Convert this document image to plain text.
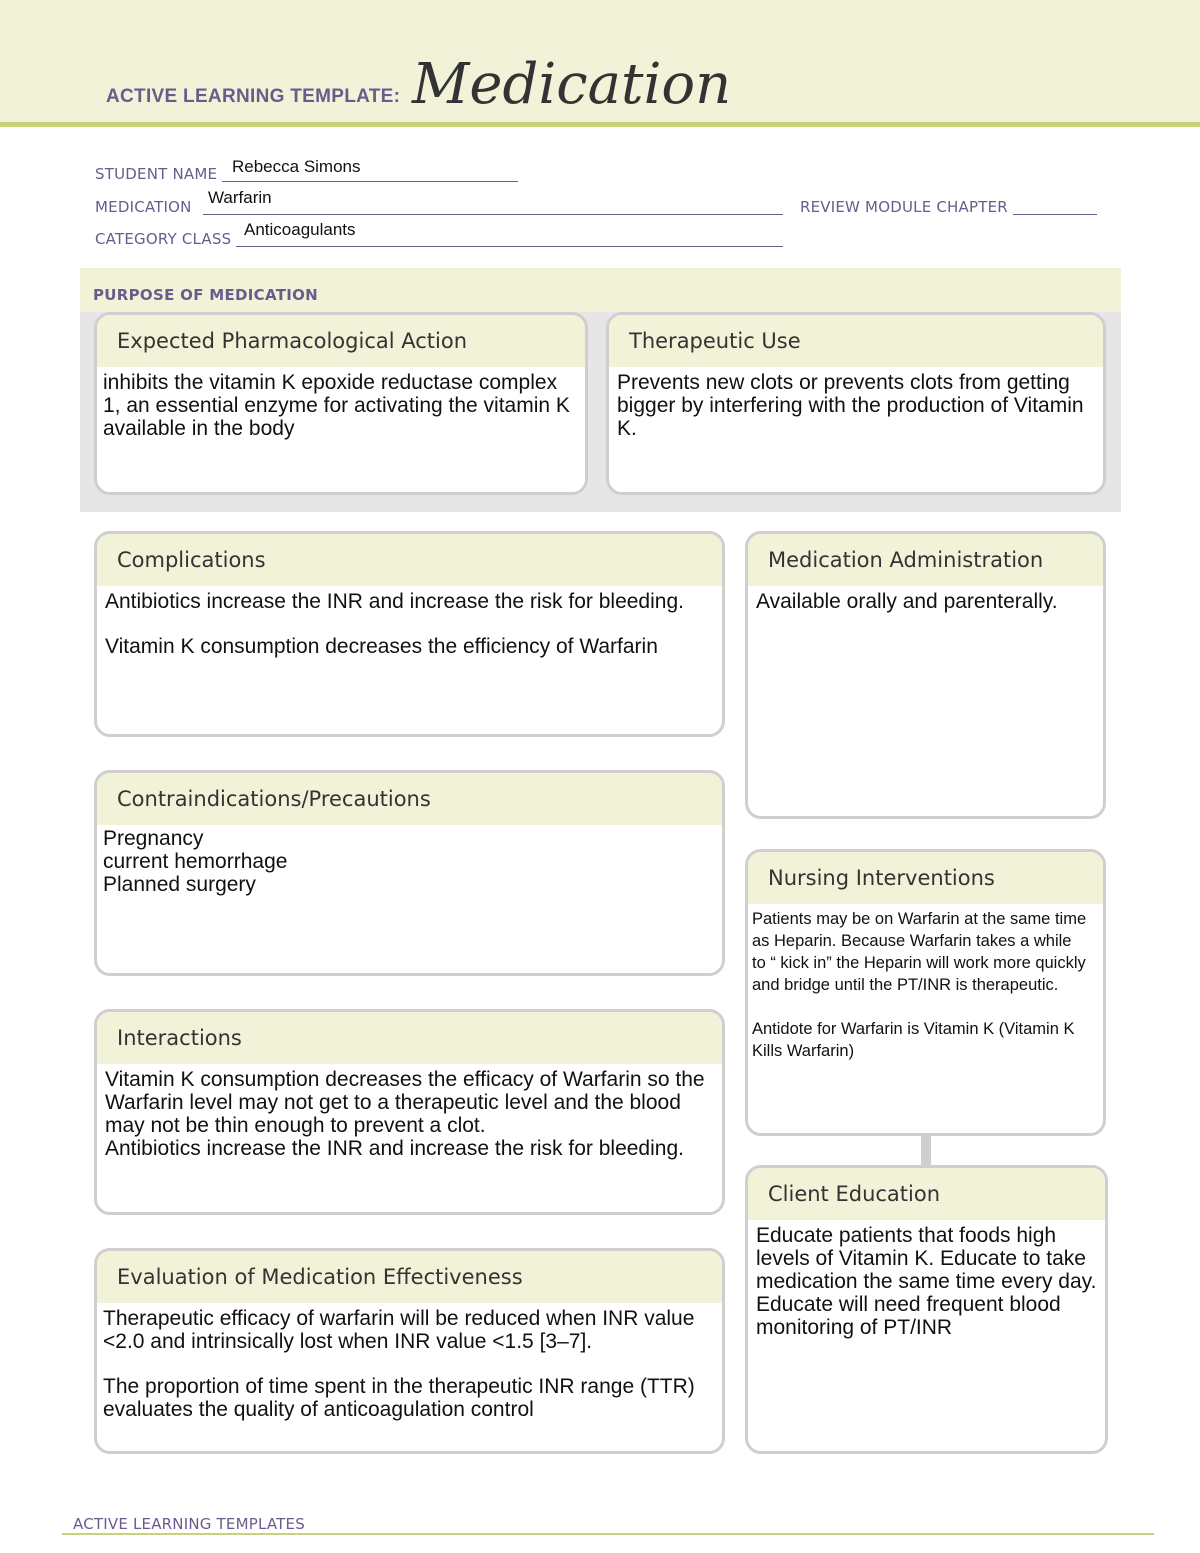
ACTIVE LEARNING TEMPLATE: Medication
STUDENT NAME Rebecca Simons
MEDICATION Warfarin	REVIEW MODULE CHAPTER
CATEGORY CLASS Anticoagulants
PURPOSE OF MEDICATION
Expected Pharmacological Action
inhibits the vitamin K epoxide reductase complex 1, an essential enzyme for activating the vitamin K available in the body
Therapeutic Use
Prevents new clots or prevents clots from getting bigger by interfering with the production of Vitamin K.
Complications

Antibiotics increase the INR and increase the risk for bleeding.

Vitamin K consumption decreases the efficiency of Warfarin

Medication Administration
Available orally and parenterally.
Contraindications/Precautions
Pregnancy
current hemorrhage
Planned surgery	Nursing Interventions

Patients may be on Warfarin at the same time as Heparin. Because Warfarin takes a while to “ kick in” the Heparin will work more quickly and bridge until the PT/INR is therapeutic.

Antidote for Warfarin is Vitamin K (Vitamin K Kills Warfarin)

Interactions
Vitamin K consumption decreases the efficacy of Warfarin so the Warfarin level may not get to a therapeutic level and the blood may not be thin enough to prevent a clot.
Antibiotics increase the INR and increase the risk for bleeding.
Client Education
Educate patients that foods high levels of Vitamin K. Educate to take medication the same time every day.
Educate will need frequent blood monitoring of PT/INR
Evaluation of Medication Effectiveness

Therapeutic efficacy of warfarin will be reduced when INR value <2.0 and intrinsically lost when INR value <1.5 [3–7].

The proportion of time spent in the therapeutic INR range (TTR) evaluates the quality of anticoagulation control

ACTIVE LEARNING TEMPLATES
